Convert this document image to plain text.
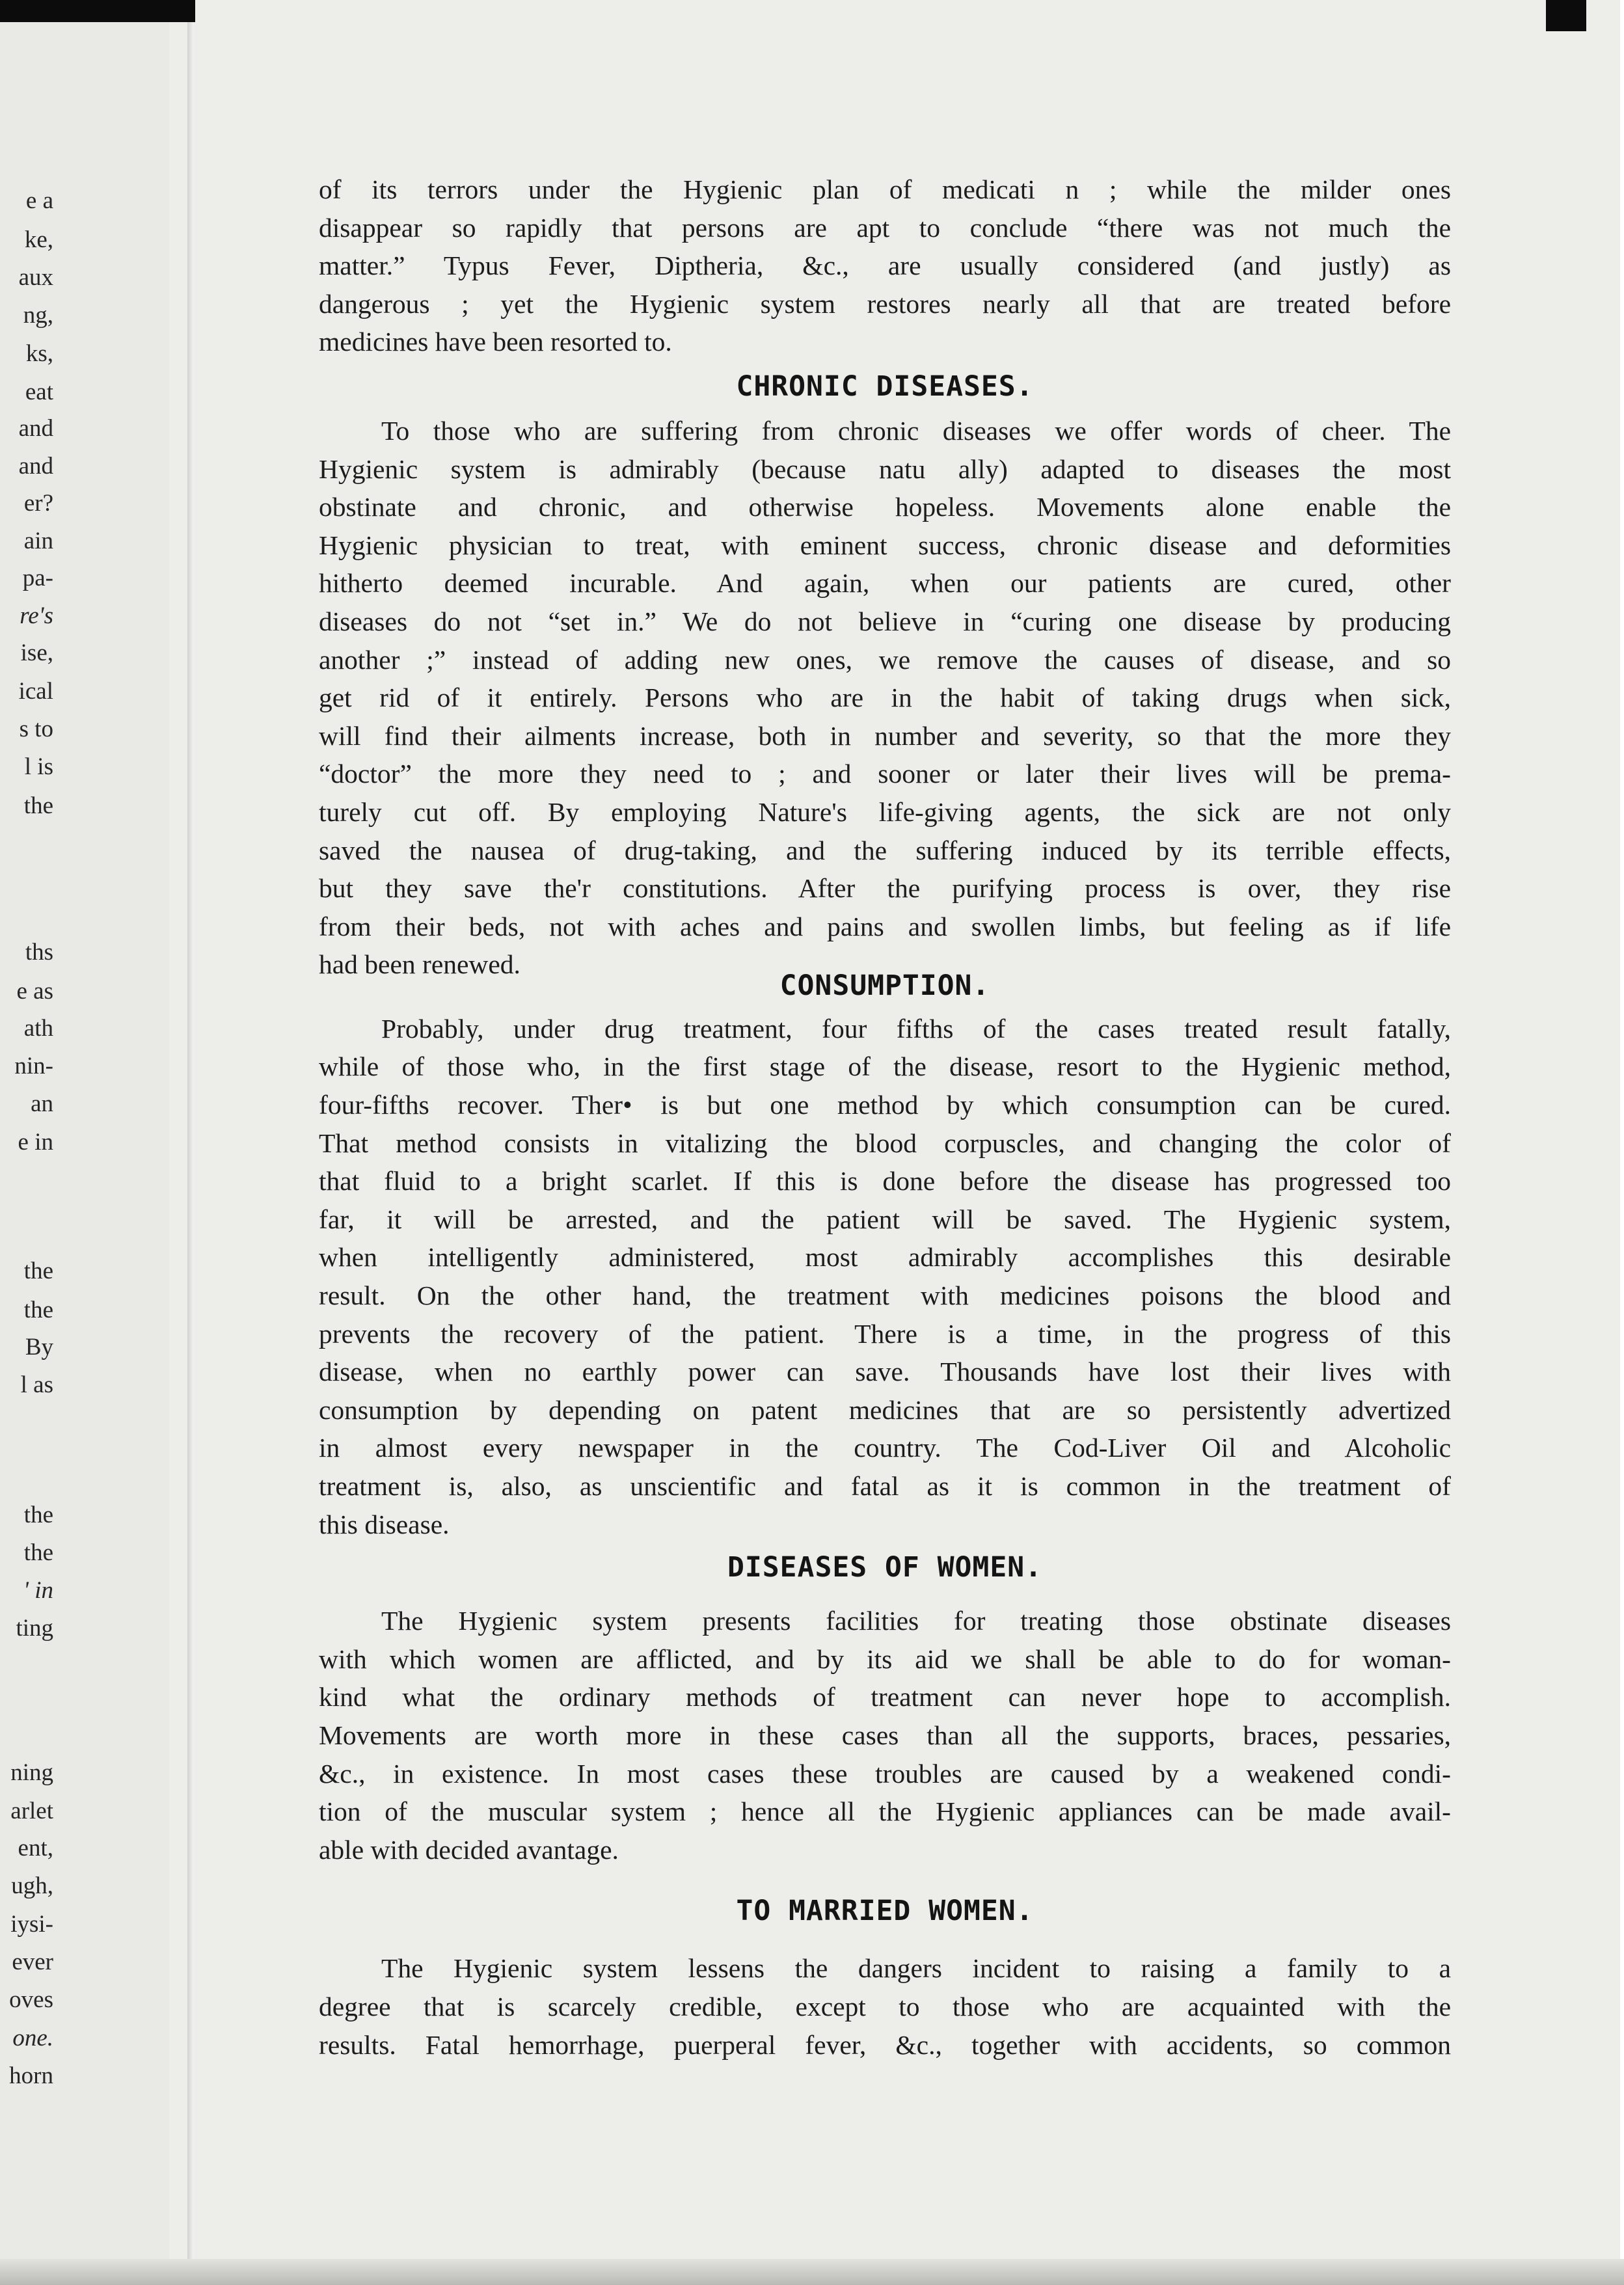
e a
ke,
aux
ng,
ks,
eat
and
and
er?
ain
pa-
re's
ise,
ical
s to
l is
the
ths
e as
ath
nin-
an
e in
the
the
By
l as
the
the
' in
ting
ning
arlet
ent,
ugh,
iysi-
ever
oves
one.
horn

of its terrors under the Hygienic plan of medicati n ; while the milder ones
disappear so rapidly that persons are apt to conclude “there was not much the
matter.” Typus Fever, Diptheria, &c., are usually considered (and justly) as
dangerous ; yet the Hygienic system restores nearly all that are treated before
medicines have been resorted to.

CHRONIC DISEASES.

To those who are suffering from chronic diseases we offer words of cheer. The
Hygienic system is admirably (because natu ally) adapted to diseases the most
obstinate and chronic, and otherwise hopeless. Movements alone enable the
Hygienic physician to treat, with eminent success, chronic disease and deformities
hitherto deemed incurable. And again, when our patients are cured, other
diseases do not “set in.” We do not believe in “curing one disease by producing
another ;” instead of adding new ones, we remove the causes of disease, and so
get rid of it entirely. Persons who are in the habit of taking drugs when sick,
will find their ailments increase, both in number and severity, so that the more they
“doctor” the more they need to ; and sooner or later their lives will be prema-
turely cut off. By employing Nature's life-giving agents, the sick are not only
saved the nausea of drug-taking, and the suffering induced by its terrible effects,
but they save the'r constitutions. After the purifying process is over, they rise
from their beds, not with aches and pains and swollen limbs, but feeling as if life
had been renewed.

CONSUMPTION.

Probably, under drug treatment, four fifths of the cases treated result fatally,
while of those who, in the first stage of the disease, resort to the Hygienic method,
four-fifths recover. Ther• is but one method by which consumption can be cured.
That method consists in vitalizing the blood corpuscles, and changing the color of
that fluid to a bright scarlet. If this is done before the disease has progressed too
far, it will be arrested, and the patient will be saved. The Hygienic system,
when intelligently administered, most admirably accomplishes this desirable
result. On the other hand, the treatment with medicines poisons the blood and
prevents the recovery of the patient. There is a time, in the progress of this
disease, when no earthly power can save. Thousands have lost their lives with
consumption by depending on patent medicines that are so persistently advertized
in almost every newspaper in the country. The Cod-Liver Oil and Alcoholic
treatment is, also, as unscientific and fatal as it is common in the treatment of
this disease.

DISEASES OF WOMEN.

The Hygienic system presents facilities for treating those obstinate diseases
with which women are afflicted, and by its aid we shall be able to do for woman-
kind what the ordinary methods of treatment can never hope to accomplish.
Movements are worth more in these cases than all the supports, braces, pessaries,
&c., in existence. In most cases these troubles are caused by a weakened condi-
tion of the muscular system ; hence all the Hygienic appliances can be made avail-
able with decided avantage.

TO MARRIED WOMEN.

The Hygienic system lessens the dangers incident to raising a family to a
degree that is scarcely credible, except to those who are acquainted with the
results. Fatal hemorrhage, puerperal fever, &c., together with accidents, so common
